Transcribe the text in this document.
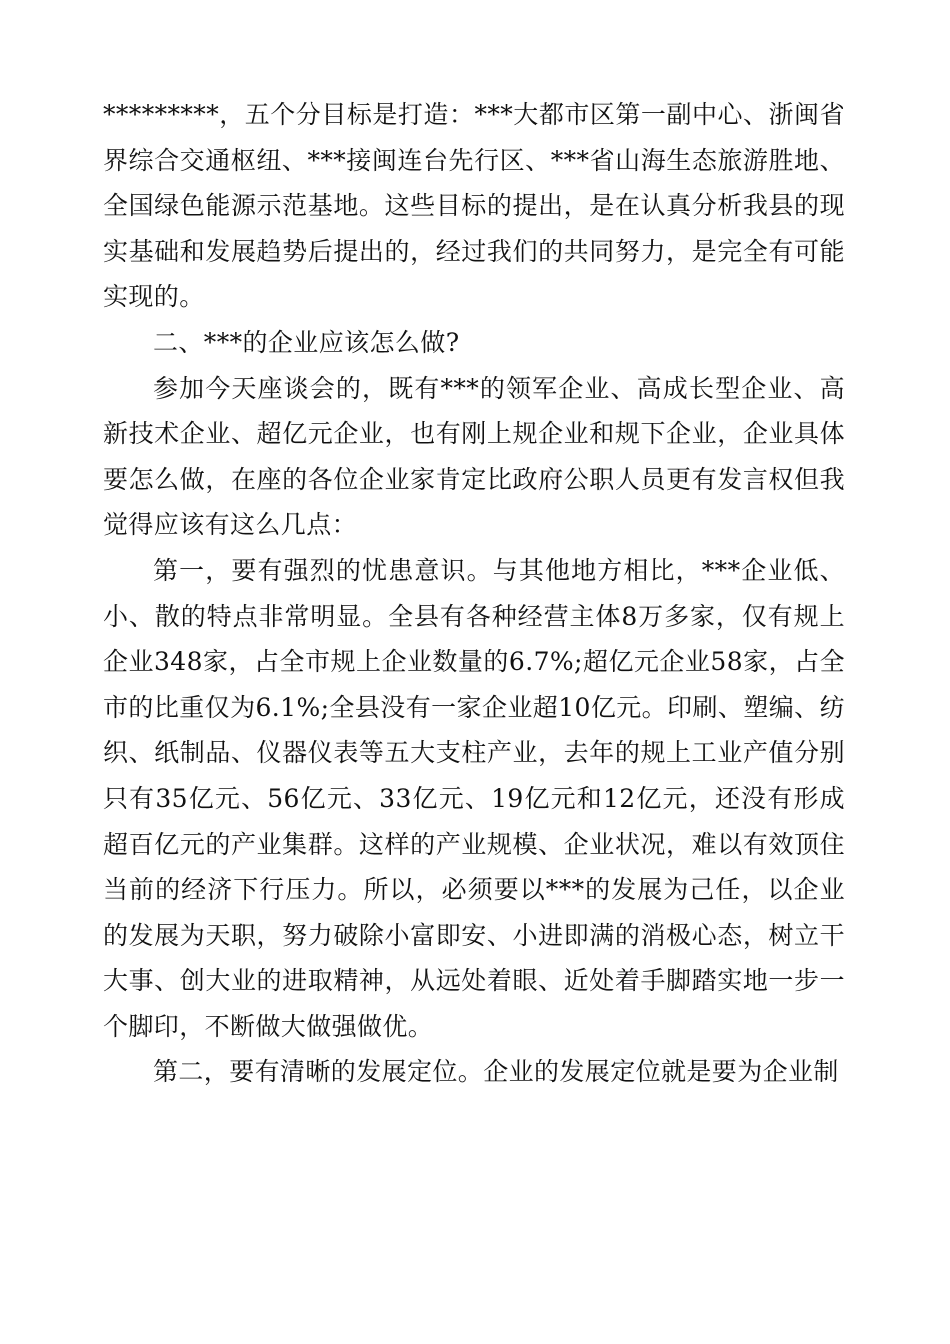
*********，五个分目标是打造：***大都市区第一副中心、浙闽省界综合交通枢纽、***接闽连台先行区、***省山海生态旅游胜地、全国绿色能源示范基地。这些目标的提出，是在认真分析我县的现实基础和发展趋势后提出的，经过我们的共同努力，是完全有可能实现的。

二、***的企业应该怎么做?

参加今天座谈会的，既有***的领军企业、高成长型企业、高新技术企业、超亿元企业，也有刚上规企业和规下企业，企业具体要怎么做，在座的各位企业家肯定比政府公职人员更有发言权但我觉得应该有这么几点：

第一，要有强烈的忧患意识。与其他地方相比，***企业低、小、散的特点非常明显。全县有各种经营主体8万多家，仅有规上企业348家，占全市规上企业数量的6.7%;超亿元企业58家，占全市的比重仅为6.1%;全县没有一家企业超10亿元。印刷、塑编、纺织、纸制品、仪器仪表等五大支柱产业，去年的规上工业产值分别只有35亿元、56亿元、33亿元、19亿元和12亿元，还没有形成超百亿元的产业集群。这样的产业规模、企业状况，难以有效顶住当前的经济下行压力。所以，必须要以***的发展为己任，以企业的发展为天职，努力破除小富即安、小进即满的消极心态，树立干大事、创大业的进取精神，从远处着眼、近处着手脚踏实地一步一个脚印，不断做大做强做优。

第二，要有清晰的发展定位。企业的发展定位就是要为企业制
